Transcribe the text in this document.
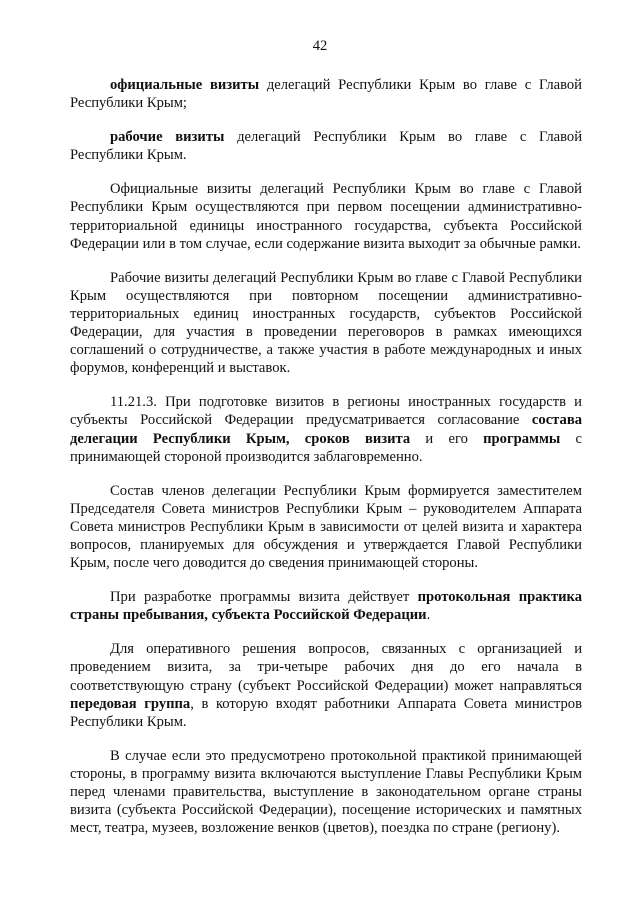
42

официальные визиты делегаций Республики Крым во главе с Главой Республики Крым;

рабочие визиты делегаций Республики Крым во главе с Главой Республики Крым.

Официальные визиты делегаций Республики Крым во главе с Главой Республики Крым осуществляются при первом посещении административно-территориальной единицы иностранного государства, субъекта Российской Федерации или в том случае, если содержание визита выходит за обычные рамки.

Рабочие визиты делегаций Республики Крым во главе с Главой Республики Крым осуществляются при повторном посещении административно-территориальных единиц иностранных государств, субъектов Российской Федерации, для участия в проведении переговоров в рамках имеющихся соглашений о сотрудничестве, а также участия в работе международных и иных форумов, конференций и выставок.

11.21.3. При подготовке визитов в регионы иностранных государств и субъекты Российской Федерации предусматривается согласование состава делегации Республики Крым, сроков визита и его программы с принимающей стороной производится заблаговременно.

Состав членов делегации Республики Крым формируется заместителем Председателя Совета министров Республики Крым – руководителем Аппарата Совета министров Республики Крым в зависимости от целей визита и характера вопросов, планируемых для обсуждения и утверждается Главой Республики Крым, после чего доводится до сведения принимающей стороны.

При разработке программы визита действует протокольная практика страны пребывания, субъекта Российской Федерации.

Для оперативного решения вопросов, связанных с организацией и проведением визита, за три-четыре рабочих дня до его начала в соответствующую страну (субъект Российской Федерации) может направляться передовая группа, в которую входят работники Аппарата Совета министров Республики Крым.

В случае если это предусмотрено протокольной практикой принимающей стороны, в программу визита включаются выступление Главы Республики Крым перед членами правительства, выступление в законодательном органе страны визита (субъекта Российской Федерации), посещение исторических и памятных мест, театра, музеев, возложение венков (цветов), поездка по стране (региону).
